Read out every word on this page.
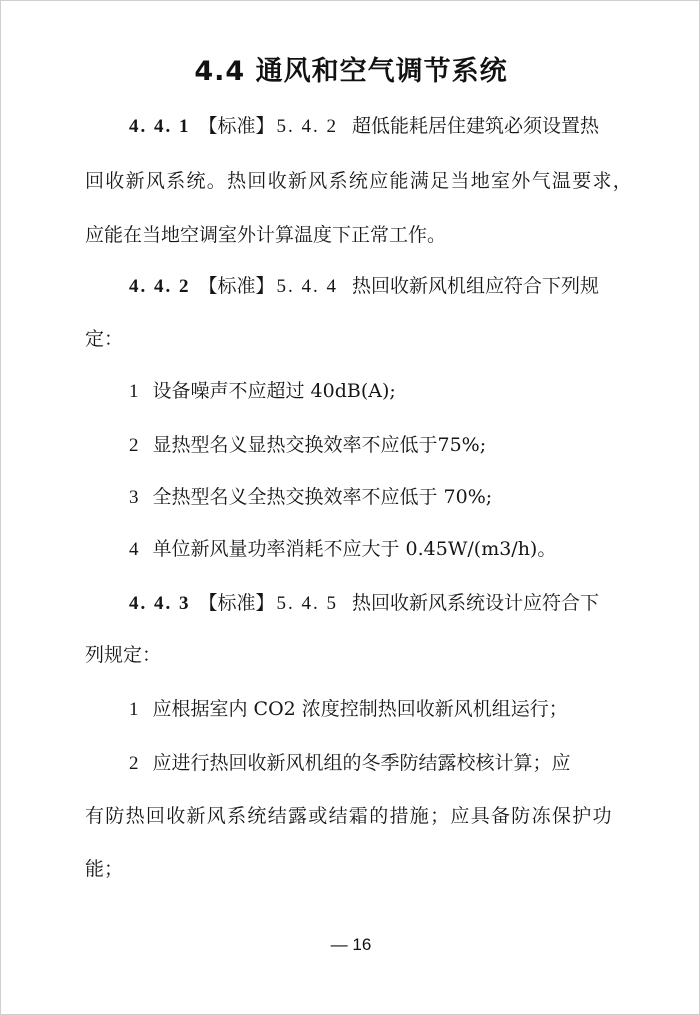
4.4 通风和空气调节系统
4. 4. 1 【标准】 5. 4. 2 超低能耗居住建筑必须设置热
回收新风系统。热回收新风系统应能满足当地室外气温要求，
应能在当地空调室外计算温度下正常工作。
4. 4. 2 【标准】 5. 4. 4 热回收新风机组应符合下列规
定：
1 设备噪声不应超过 40dB(A);
2 显热型名义显热交换效率不应低于75%;
3 全热型名义全热交换效率不应低于 70%;
4 单位新风量功率消耗不应大于 0.45W/(m3/h)。
4. 4. 3 【标准】 5. 4. 5 热回收新风系统设计应符合下
列规定：
1 应根据室内 CO2 浓度控制热回收新风机组运行；
2 应进行热回收新风机组的冬季防结露校核计算；应
有防热回收新风系统结露或结霜的措施；应具备防冻保护功
能；
— 16
